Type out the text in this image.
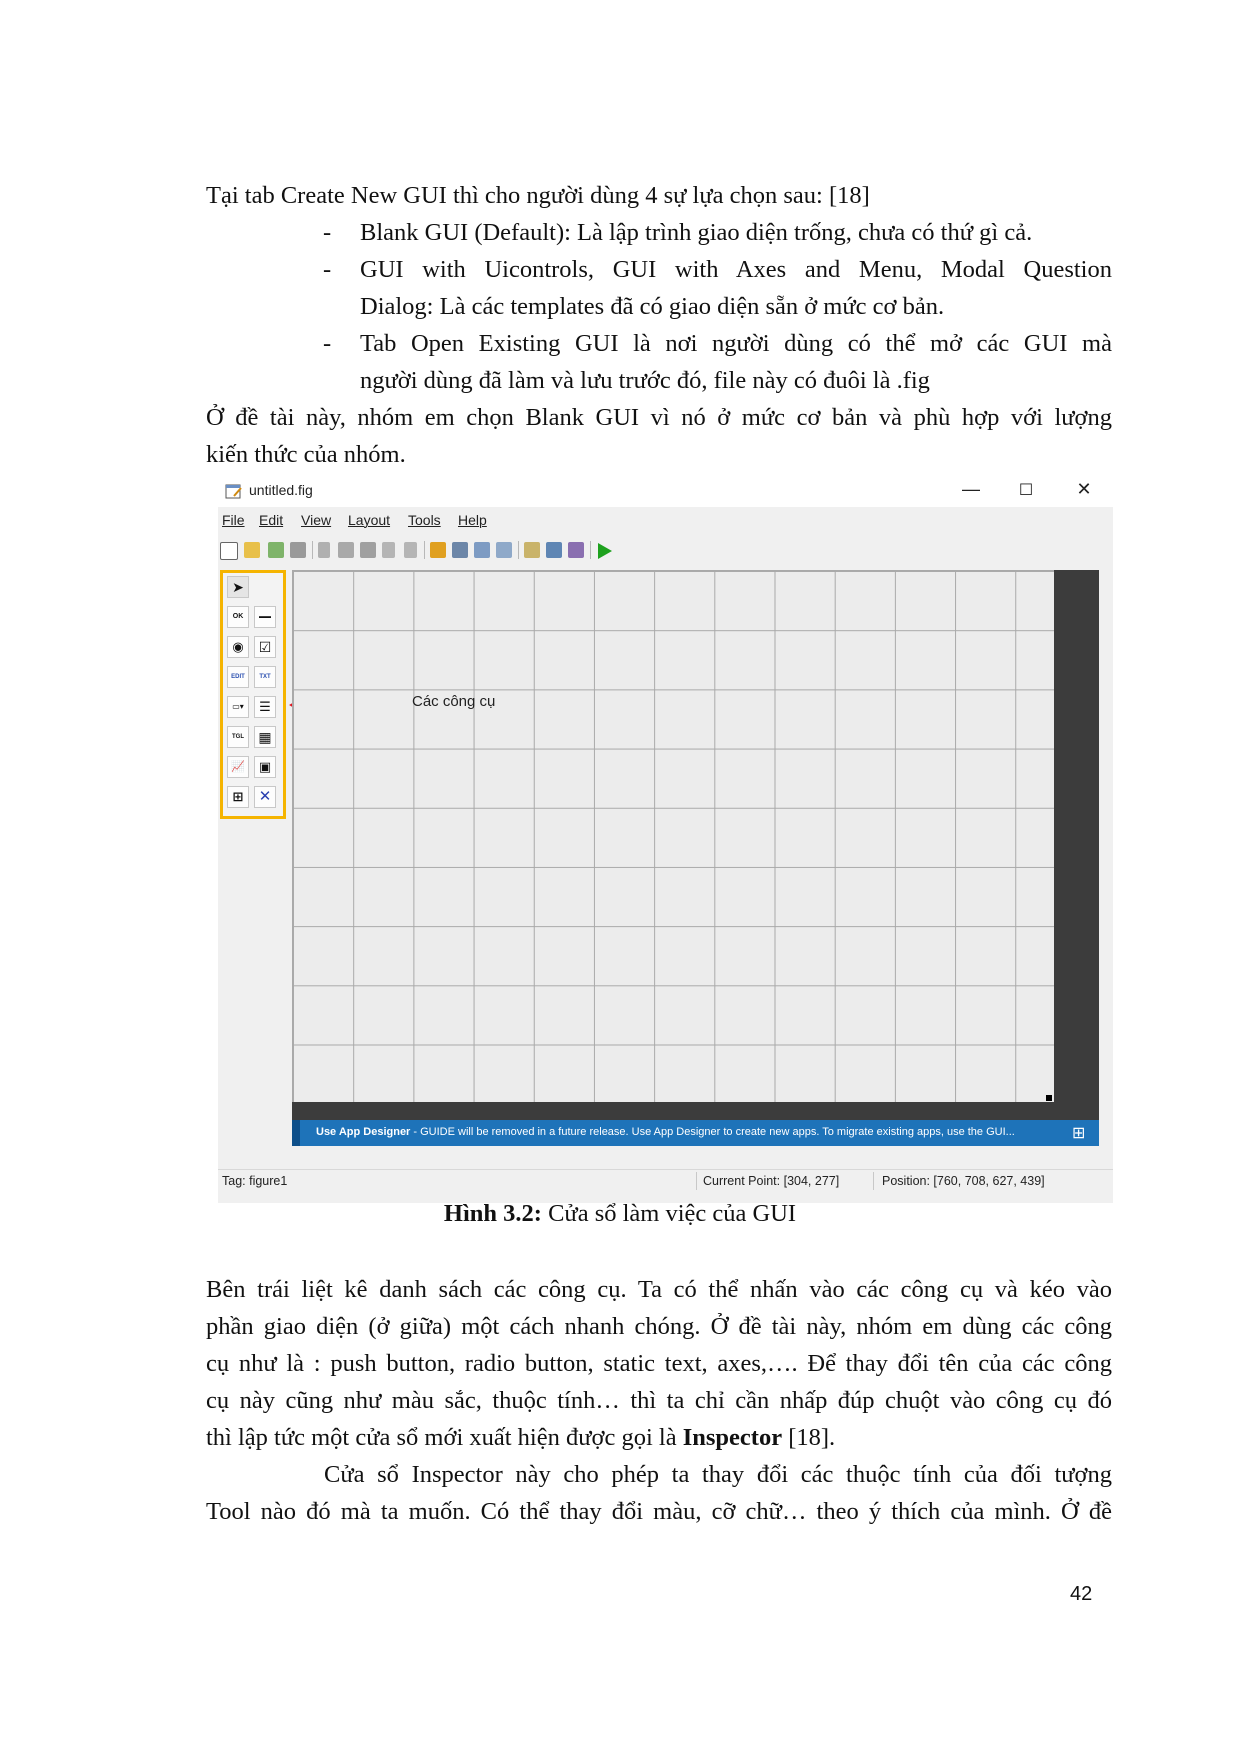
Tại tab Create New GUI thì cho người dùng 4 sự lựa chọn sau: [18]
- Blank GUI (Default): Là lập trình giao diện trống, chưa có thứ gì cả.
- GUI with Uicontrols, GUI with Axes and Menu, Modal Question
Dialog: Là các templates đã có giao diện sẵn ở mức cơ bản.
- Tab Open Existing GUI là nơi người dùng có thể mở các GUI mà
người dùng đã làm và lưu trước đó, file này có đuôi là .fig
Ở đề tài này, nhóm em chọn Blank GUI vì nó ở mức cơ bản và phù hợp với lượng
kiến thức của nhóm.
untitled.fig	—	☐	✕
File Edit View Layout Tools Help
➤
OK	▬▬
◉	☑
EDIT	TXT
▭▾	☰
TGL	▦
📈	▣
⊞	✕
Các công cụ
Use App Designer - GUIDE will be removed in a future release. Use App Designer to create new apps. To migrate existing apps, use the GUI...	⊞
Tag: figure1	Current Point: [304, 277]	Position: [760, 708, 627, 439]
Hình 3.2: Cửa sổ làm việc của GUI
Bên trái liệt kê danh sách các công cụ. Ta có thể nhấn vào các công cụ và kéo vào
phần giao diện (ở giữa) một cách nhanh chóng. Ở đề tài này, nhóm em dùng các công
cụ như là : push button, radio button, static text, axes,…. Để thay đổi tên của các công
cụ này cũng như màu sắc, thuộc tính… thì ta chỉ cần nhấp đúp chuột vào công cụ đó
thì lập tức một cửa sổ mới xuất hiện được gọi là Inspector [18].
Cửa sổ Inspector này cho phép ta thay đổi các thuộc tính của đối tượng
Tool nào đó mà ta muốn. Có thể thay đổi màu, cỡ chữ… theo ý thích của mình. Ở đề
42
